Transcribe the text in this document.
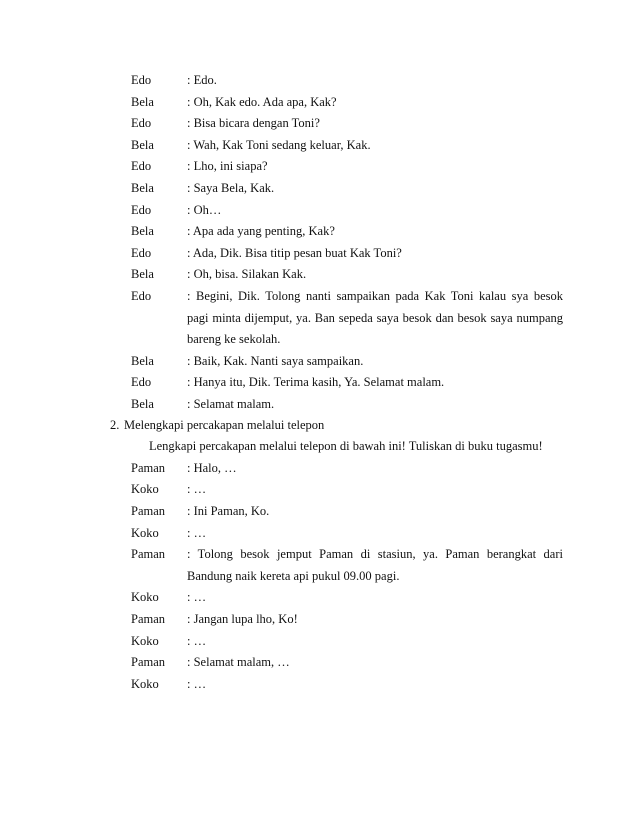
Edo	: Edo.
Bela	: Oh, Kak edo. Ada apa, Kak?
Edo	: Bisa bicara dengan Toni?
Bela	: Wah, Kak Toni sedang keluar, Kak.
Edo	: Lho, ini siapa?
Bela	: Saya Bela, Kak.
Edo	: Oh…
Bela	: Apa ada yang penting, Kak?
Edo	: Ada, Dik. Bisa titip pesan buat Kak Toni?
Bela	: Oh, bisa. Silakan Kak.
Edo	: Begini, Dik. Tolong nanti sampaikan pada Kak Toni kalau sya besok
pagi minta dijemput, ya. Ban sepeda saya besok dan besok saya numpang
bareng ke sekolah.
Bela	: Baik, Kak. Nanti saya sampaikan.
Edo	: Hanya itu, Dik. Terima kasih, Ya. Selamat malam.
Bela	: Selamat malam.
2. Melengkapi percakapan melalui telepon
Lengkapi percakapan melalui telepon di bawah ini! Tuliskan di buku tugasmu!
Paman : Halo, …
Koko : …
Paman : Ini Paman, Ko.
Koko : …
Paman : Tolong besok jemput Paman di stasiun, ya. Paman berangkat dari
Bandung naik kereta api pukul 09.00 pagi.
Koko : …
Paman : Jangan lupa lho, Ko!
Koko : …
Paman : Selamat malam, …
Koko : …
